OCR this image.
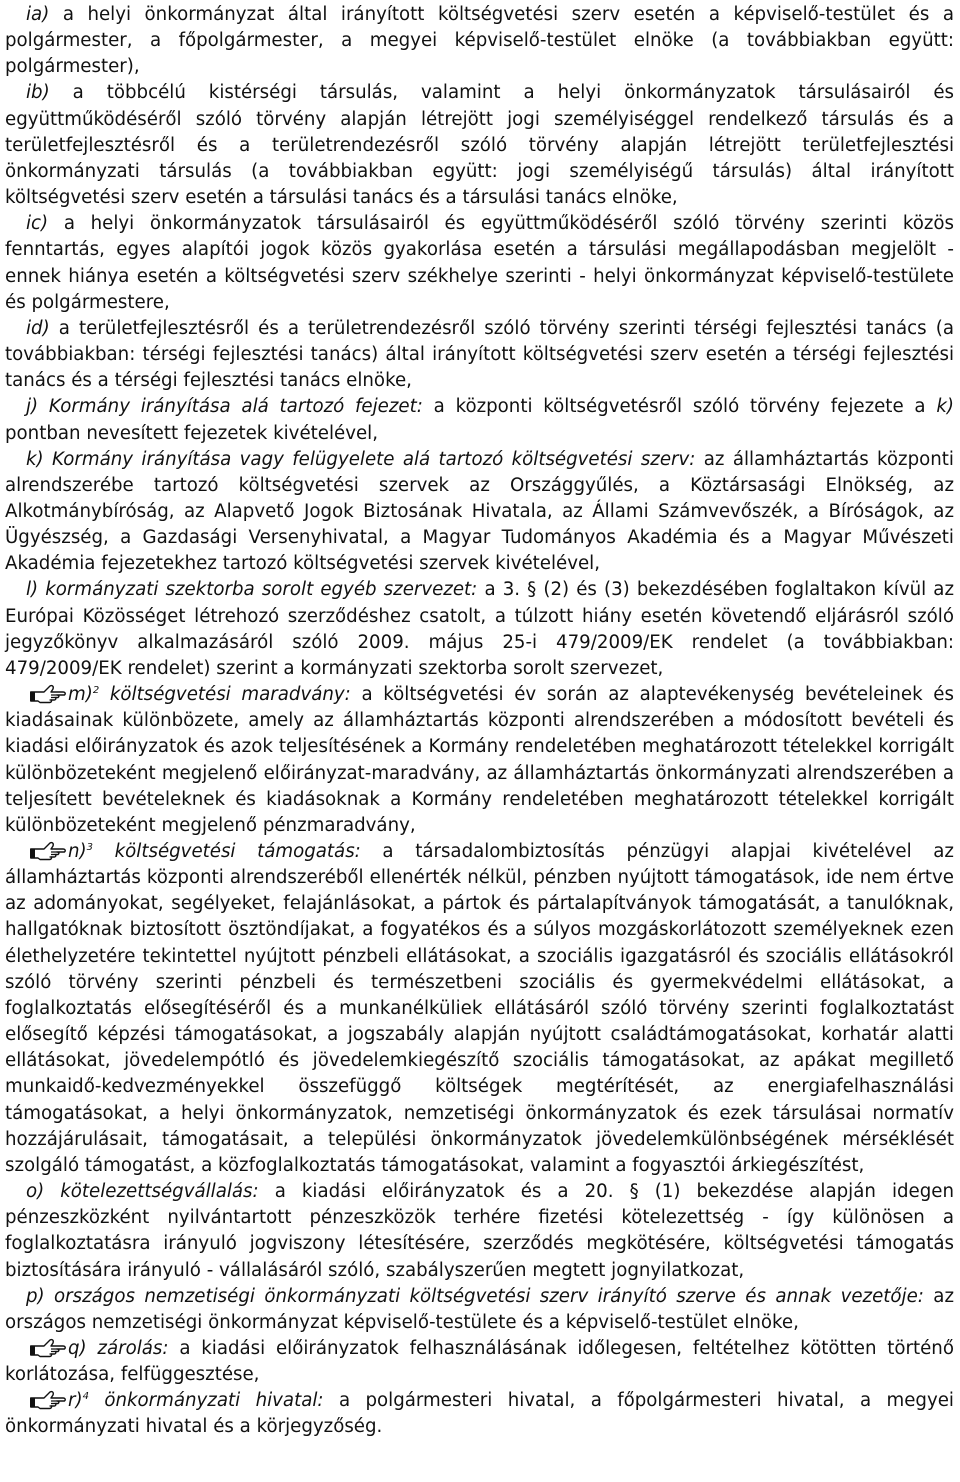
ia) a helyi önkormányzat által irányított költségvetési szerv esetén a képviselő-testület és a polgármester, a főpolgármester, a megyei képviselő-testület elnöke (a továbbiakban együtt: polgármester),

ib) a többcélú kistérségi társulás, valamint a helyi önkormányzatok társulásairól és együttműködéséről szóló törvény alapján létrejött jogi személyiséggel rendelkező társulás és a területfejlesztésről és a területrendezésről szóló törvény alapján létrejött területfejlesztési önkormányzati társulás (a továbbiakban együtt: jogi személyiségű társulás) által irányított költségvetési szerv esetén a társulási tanács és a társulási tanács elnöke,

ic) a helyi önkormányzatok társulásairól és együttműködéséről szóló törvény szerinti közös fenntartás, egyes alapítói jogok közös gyakorlása esetén a társulási megállapodásban megjelölt - ennek hiánya esetén a költségvetési szerv székhelye szerinti - helyi önkormányzat képviselő-testülete és polgármestere,

id) a területfejlesztésről és a területrendezésről szóló törvény szerinti térségi fejlesztési tanács (a továbbiakban: térségi fejlesztési tanács) által irányított költségvetési szerv esetén a térségi fejlesztési tanács és a térségi fejlesztési tanács elnöke,

j) Kormány irányítása alá tartozó fejezet: a központi költségvetésről szóló törvény fejezete a k) pontban nevesített fejezetek kivételével,

k) Kormány irányítása vagy felügyelete alá tartozó költségvetési szerv: az államháztartás központi alrendszerébe tartozó költségvetési szervek az Országgyűlés, a Köztársasági Elnökség, az Alkotmánybíróság, az Alapvető Jogok Biztosának Hivatala, az Állami Számvevőszék, a Bíróságok, az Ügyészség, a Gazdasági Versenyhivatal, a Magyar Tudományos Akadémia és a Magyar Művészeti Akadémia fejezetekhez tartozó költségvetési szervek kivételével,

l) kormányzati szektorba sorolt egyéb szervezet: a 3. § (2) és (3) bekezdésében foglaltakon kívül az Európai Közösséget létrehozó szerződéshez csatolt, a túlzott hiány esetén követendő eljárásról szóló jegyzőkönyv alkalmazásáról szóló 2009. május 25-i 479/2009/EK rendelet (a továbbiakban: 479/2009/EK rendelet) szerint a kormányzati szektorba sorolt szervezet,

m)$^2$ költségvetési maradvány: a költségvetési év során az alaptevékenység bevételeinek és kiadásainak különbözete, amely az államháztartás központi alrendszerében a módosított bevételi és kiadási előirányzatok és azok teljesítésének a Kormány rendeletében meghatározott tételekkel korrigált különbözeteként megjelenő előirányzat-maradvány, az államháztartás önkormányzati alrendszerében a teljesített bevételeknek és kiadásoknak a Kormány rendeletében meghatározott tételekkel korrigált különbözeteként megjelenő pénzmaradvány,

n)$^3$ költségvetési támogatás: a társadalombiztosítás pénzügyi alapjai kivételével az államháztartás központi alrendszeréből ellenérték nélkül, pénzben nyújtott támogatások, ide nem értve az adományokat, segélyeket, felajánlásokat, a pártok és pártalapítványok támogatását, a tanulóknak, hallgatóknak biztosított ösztöndíjakat, a fogyatékos és a súlyos mozgáskorlátozott személyeknek ezen élethelyzetére tekintettel nyújtott pénzbeli ellátásokat, a szociális igazgatásról és szociális ellátásokról szóló törvény szerinti pénzbeli és természetbeni szociális és gyermekvédelmi ellátásokat, a foglalkoztatás elősegítéséről és a munkanélküliek ellátásáról szóló törvény szerinti foglalkoztatást elősegítő képzési támogatásokat, a jogszabály alapján nyújtott családtámogatásokat, korhatár alatti ellátásokat, jövedelempótló és jövedelemkiegészítő szociális támogatásokat, az apákat megillető munkaidő-kedvezményekkel összefüggő költségek megtérítését, az energiafelhasználási támogatásokat, a helyi önkormányzatok, nemzetiségi önkormányzatok és ezek társulásai normatív hozzájárulásait, támogatásait, a települési önkormányzatok jövedelemkülönbségének mérséklését szolgáló támogatást, a közfoglalkoztatás támogatásokat, valamint a fogyasztói árkiegészítést,

o) kötelezettségvállalás: a kiadási előirányzatok és a 20. § (1) bekezdése alapján idegen pénzeszközként nyilvántartott pénzeszközök terhére fizetési kötelezettség - így különösen a foglalkoztatásra irányuló jogviszony létesítésére, szerződés megkötésére, költségvetési támogatás biztosítására irányuló - vállalásáról szóló, szabályszerűen megtett jognyilatkozat,

p) országos nemzetiségi önkormányzati költségvetési szerv irányító szerve és annak vezetője: az országos nemzetiségi önkormányzat képviselő-testülete és a képviselő-testület elnöke,

q) zárolás: a kiadási előirányzatok felhasználásának időlegesen, feltételhez kötötten történő korlátozása, felfüggesztése,

r)$^4$ önkormányzati hivatal: a polgármesteri hivatal, a főpolgármesteri hivatal, a megyei önkormányzati hivatal és a körjegyzőség.
